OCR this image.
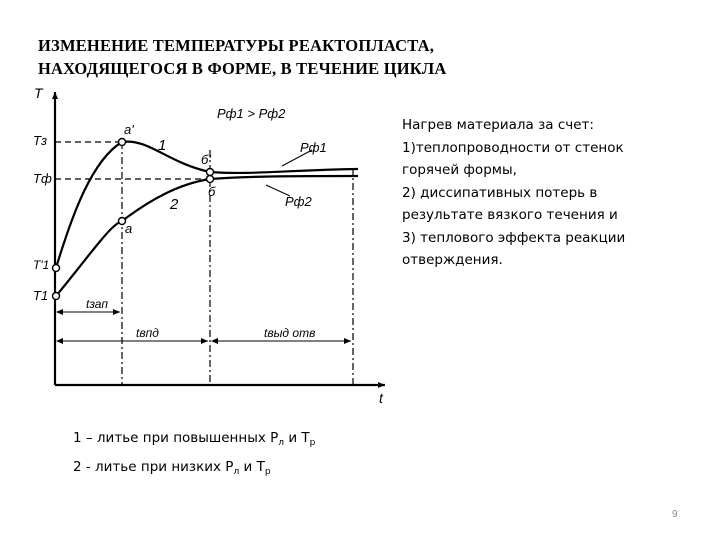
ИЗМЕНЕНИЕ ТЕМПЕРАТУРЫ РЕАКТОПЛАСТА,
НАХОДЯЩЕГОСЯ В ФОРМЕ, В ТЕЧЕНИЕ ЦИКЛА
T
t
Pф1 > Pф2
Tз
Tф
T'1
T1
a'
a
б'
б
1
2
Pф1
Pф2
tзап
tвпд	tвыд отв
Нагрев материала за счет:
1)теплопроводности от стенок
горячей формы,
2) диссипативных потерь в
результате вязкого течения и
3) теплового эффекта реакции
отверждения.
1 – литье при повышенных $P_л$ и $T_р$
2 - литье при низких $P_л$ и $T_р$
9
